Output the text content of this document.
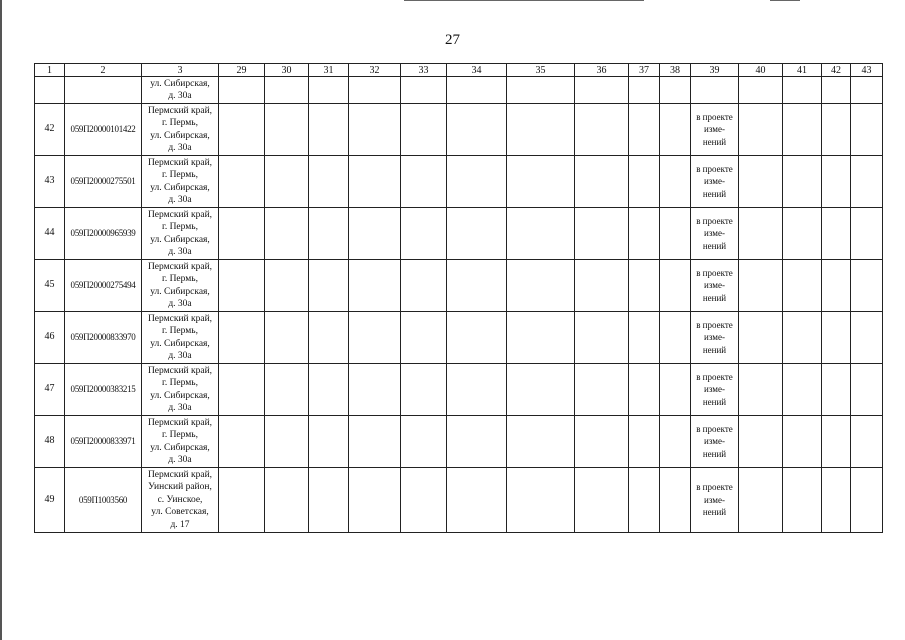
27
1	2	3	29	30	31	32	33	34	35	36	37	38	39	40	41	42	43

		ул. Сибирская,
д. 30а															

42	059П20000101422	Пермский край,
г. Пермь,
ул. Сибирская,
д. 30а											в проекте
изме-
нений				

43	059П20000275501	Пермский край,
г. Пермь,
ул. Сибирская,
д. 30а											в проекте
изме-
нений				

44	059П20000965939	Пермский край,
г. Пермь,
ул. Сибирская,
д. 30а											в проекте
изме-
нений				

45	059П20000275494	Пермский край,
г. Пермь,
ул. Сибирская,
д. 30а											в проекте
изме-
нений				

46	059П20000833970	Пермский край,
г. Пермь,
ул. Сибирская,
д. 30а											в проекте
изме-
нений				

47	059П20000383215	Пермский край,
г. Пермь,
ул. Сибирская,
д. 30а											в проекте
изме-
нений				

48	059П20000833971	Пермский край,
г. Пермь,
ул. Сибирская,
д. 30а											в проекте
изме-
нений				

49	059П1003560	Пермский край,
Уинский район,
с. Уинское,
ул. Советская,
д. 17											в проекте
изме-
нений				
